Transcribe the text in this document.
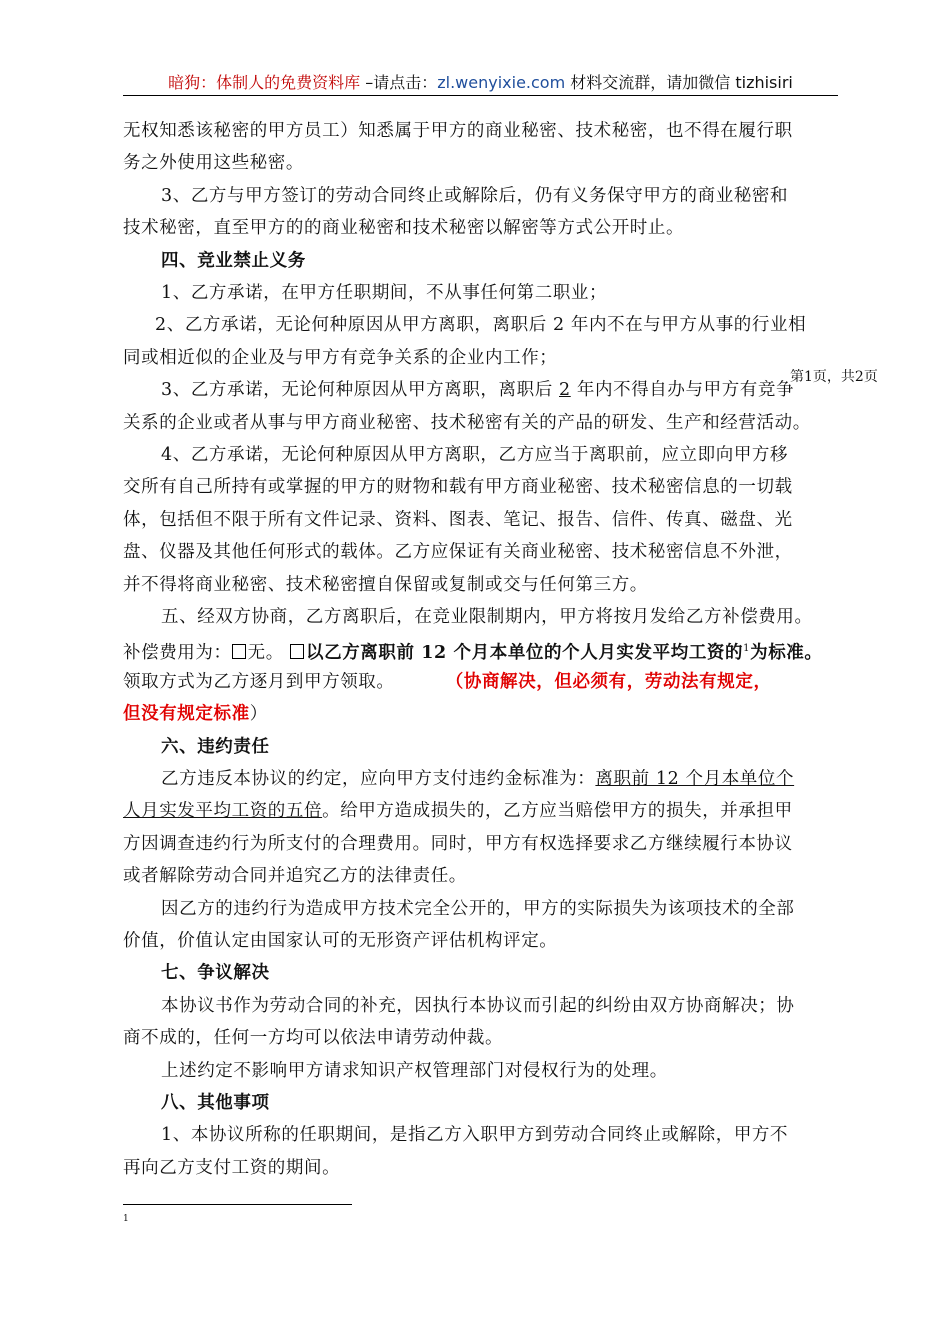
暗狗：体制人的免费资料库 –请点击：zl.wenyixie.com 材料交流群，请加微信 tizhisiri
第1页，共2页
无权知悉该秘密的甲方员工）知悉属于甲方的商业秘密、技术秘密，也不得在履行职
务之外使用这些秘密。
3、乙方与甲方签订的劳动合同终止或解除后，仍有义务保守甲方的商业秘密和
技术秘密，直至甲方的的商业秘密和技术秘密以解密等方式公开时止。
四、竞业禁止义务
1、乙方承诺，在甲方任职期间，不从事任何第二职业；
2、乙方承诺，无论何种原因从甲方离职，离职后 2 年内不在与甲方从事的行业相
同或相近似的企业及与甲方有竞争关系的企业内工作；
3、乙方承诺，无论何种原因从甲方离职，离职后 2 年内不得自办与甲方有竞争
关系的企业或者从事与甲方商业秘密、技术秘密有关的产品的研发、生产和经营活动。
4、乙方承诺，无论何种原因从甲方离职，乙方应当于离职前，应立即向甲方移
交所有自己所持有或掌握的甲方的财物和载有甲方商业秘密、技术秘密信息的一切载
体，包括但不限于所有文件记录、资料、图表、笔记、报告、信件、传真、磁盘、光
盘、仪器及其他任何形式的载体。乙方应保证有关商业秘密、技术秘密信息不外泄，
并不得将商业秘密、技术秘密擅自保留或复制或交与任何第三方。
五、经双方协商，乙方离职后，在竞业限制期内，甲方将按月发给乙方补偿费用。
补偿费用为： 无。 以乙方离职前 12 个月本单位的个人月实发平均工资的$^1$为标准。
领取方式为乙方逐月到甲方领取。	（协商解决，但必须有，劳动法有规定，
但没有规定标准）
六、违约责任
乙方违反本协议的约定，应向甲方支付违约金标准为：离职前 12 个月本单位个
人月实发平均工资的五倍。给甲方造成损失的，乙方应当赔偿甲方的损失，并承担甲
方因调查违约行为所支付的合理费用。同时，甲方有权选择要求乙方继续履行本协议
或者解除劳动合同并追究乙方的法律责任。
因乙方的违约行为造成甲方技术完全公开的，甲方的实际损失为该项技术的全部
价值，价值认定由国家认可的无形资产评估机构评定。
七、争议解决
本协议书作为劳动合同的补充，因执行本协议而引起的纠纷由双方协商解决；协
商不成的，任何一方均可以依法申请劳动仲裁。
上述约定不影响甲方请求知识产权管理部门对侵权行为的处理。
八、其他事项
1、本协议所称的任职期间，是指乙方入职甲方到劳动合同终止或解除，甲方不
再向乙方支付工资的期间。
1
